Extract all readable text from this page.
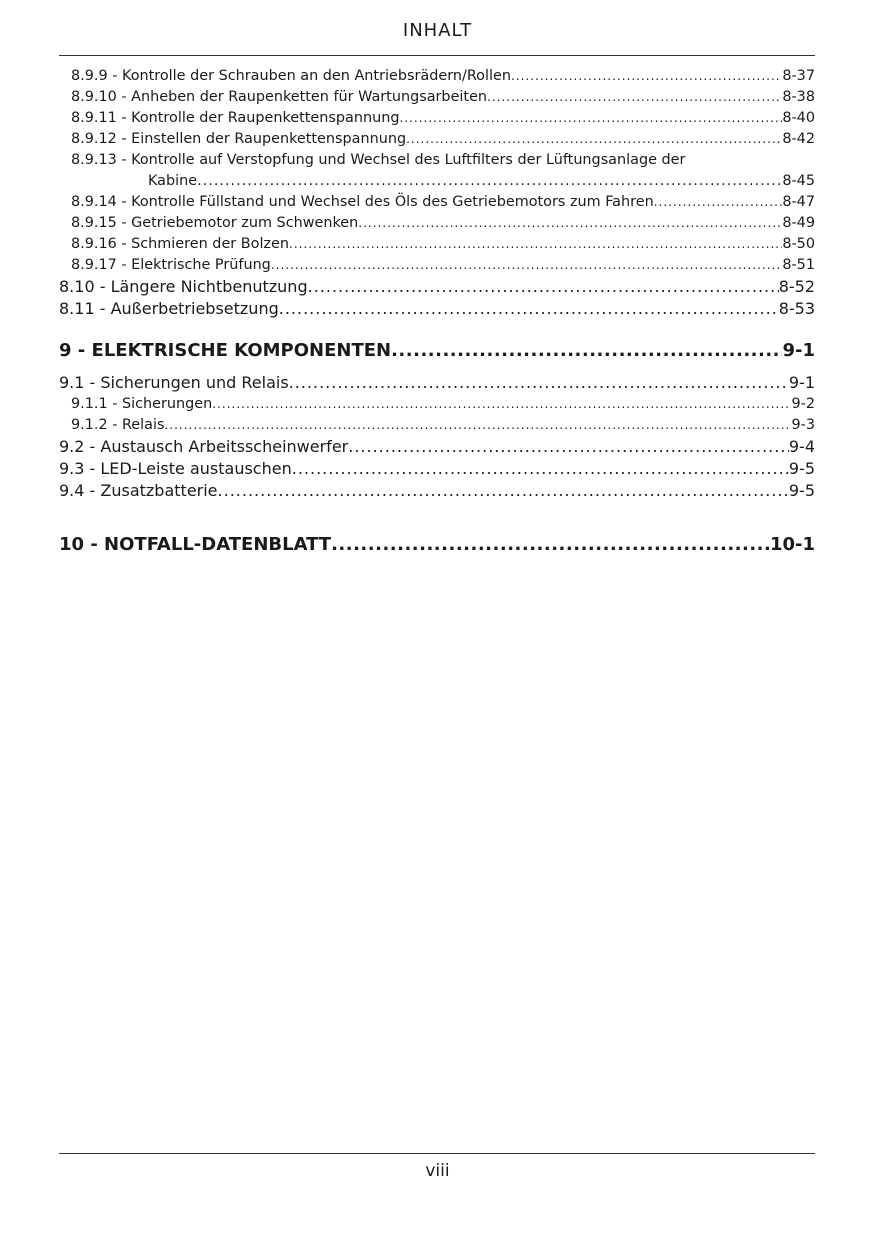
INHALT
8.9.9 - Kontrolle der Schrauben an den Antriebsrädern/Rollen .....	8-37
8.9.10 - Anheben der Raupenketten für Wartungsarbeiten .....	8-38
8.9.11 - Kontrolle der Raupenkettenspannung .....	8-40
8.9.12 - Einstellen der Raupenkettenspannung .....	8-42
8.9.13 - Kontrolle auf Verstopfung und Wechsel des Luftfilters der Lüftungsanlage der
Kabine .....	8-45
8.9.14 - Kontrolle Füllstand und Wechsel des Öls des Getriebemotors zum Fahren .....	8-47
8.9.15 - Getriebemotor zum Schwenken .....	8-49
8.9.16 - Schmieren der Bolzen .....	8-50
8.9.17 - Elektrische Prüfung .....	8-51
8.10 - Längere Nichtbenutzung .....	8-52
8.11 - Außerbetriebsetzung .....	8-53
9 - ELEKTRISCHE KOMPONENTEN .....	9-1
9.1 - Sicherungen und Relais .....	9-1
9.1.1 - Sicherungen .....	9-2
9.1.2 - Relais .....	9-3
9.2 - Austausch Arbeitsscheinwerfer .....	9-4
9.3 - LED-Leiste austauschen .....	9-5
9.4 - Zusatzbatterie .....	9-5
10 - NOTFALL-DATENBLATT .....	10-1
viii
